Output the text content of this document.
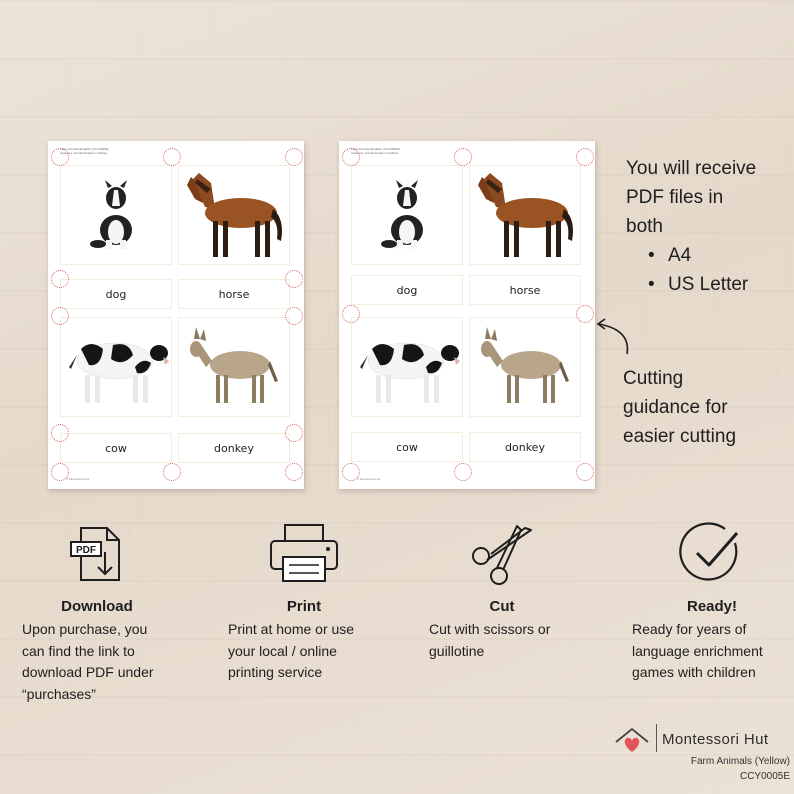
Farm Animals (English) (CCY0005E)
Category: Animal Kingdom (Yellow)
dog	horse
cow	donkey
© Montessori Hut
Farm Animals (English) (CCY0005E)
Category: Animal Kingdom (Yellow)
dog	horse
cow	donkey
© Montessori Hut
You will receive
PDF files in
both
• A4
• US Letter
Cutting
guidance for
easier cutting
PDF
Download

Upon purchase, you
can find the link to
download PDF under
“purchases”

Print

Print at home or use
your local / online
printing service

Cut

Cut with scissors or
guillotine

Ready!

Ready for years of
language enrichment
games with children

Montessori Hut
Farm Animals (Yellow)
CCY0005E
